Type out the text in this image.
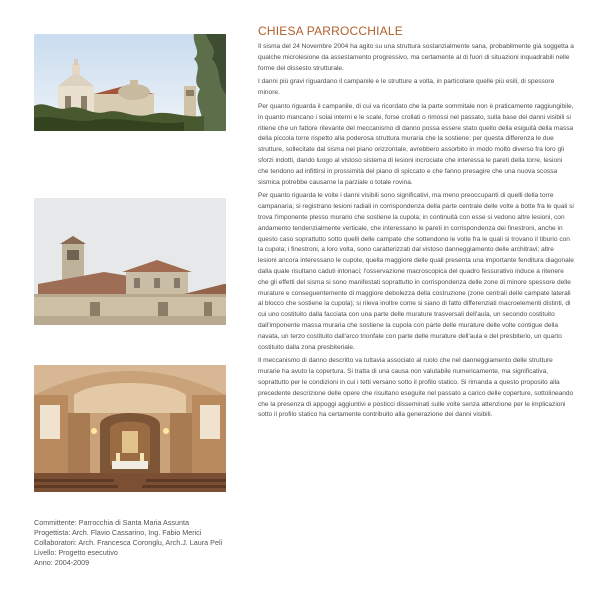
Committente: Parrocchia di Santa Maria Assunta
Progettista: Arch. Flavio Cassarino, Ing. Fabio Merici
Collaboratori: Arch. Francesca Coronglu, Arch.J. Laura Peli
Livello: Progetto esecutivo
Anno: 2004-2009
CHIESA PARROCCHIALE

Il sisma del 24 Novembre 2004 ha agito su una struttura sostanzialmente sana, probabilmente già soggetta a qualche microlesione da assestamento progressivo, ma certamente al di fuori di situazioni inquadrabili nelle forme del dissesto strutturale.

I danni più gravi riguardano il campanile e le strutture a volta, in particolare quelle più esili, di spessore minore.

Per quanto riguarda il campanile, di cui va ricordato che la parte sommitale non è praticamente raggiungibile, in quanto mancano i solai interni e le scale, forse crollati o rimossi nel passato, sulla base dei danni visibili si ritiene che un fattore rilevante del meccanismo di danno possa essere stato quello della esiguità della massa della piccola torre rispetto alla poderosa struttura muraria che la sostiene; per questa differenza le due strutture, sollecitate dal sisma nel piano orizzontale, avrebbero assorbito in modo molto diverso fra loro gli sforzi indotti, dando luogo al vistoso sistema di lesioni incrociate che interessa le pareti della torre, lesioni che tendono ad infittirsi in prossimità del piano di spiccato e che fanno presagire che una nuova scossa sismica potrebbe causarne la parziale o totale rovina.

Per quanto riguarda le volte i danni visibili sono significativi, ma meno preoccupanti di quelli della torre campanaria; si registrano lesioni radiali in corrispondenza della parte centrale delle volte a botte fra le quali si trova l'imponente plesso murario che sostiene la cupola; in continuità con esse si vedono altre lesioni, con andamento tendenzialmente verticale, che interessano le pareti in corrispondenza dei finestroni, anche in questo caso soprattutto sotto quelli delle campate che sottendono le volte fra le quali si trovano il tiburio con la cupola; i finestroni, a loro volta, sono caratterizzati dal vistoso danneggiamento delle architravi; altre lesioni ancora interessano le cupole, quella maggiore delle quali presenta una importante fenditura diagonale dalla quale risultano caduti intonaci; l'osservazione macroscopica del quadro fessurativo induce a ritenere che gli effetti del sisma si sono manifestati soprattutto in corrispondenza delle zone di minore spessore delle murature e conseguentemente di maggiore debolezza della costruzione (zone centrali delle campate laterali al blocco che sostiene la cupola); si rileva inoltre come si siano di fatto differenziati macroelementi distinti, di cui uno costituito dalla facciata con una parte delle murature trasversali dell'aula, un secondo costituito dall'imponente massa muraria che sostiene la cupola con parte delle murature delle volte contigue della navata, un terzo costituito dall'arco trionfale con parte delle murature dell'aula e del presbiterio, un quarto costituito dalla zona presbiteriale.

Il meccanismo di danno descritto va tuttavia associato al ruolo che nel danneggiamento delle strutture murarie ha avuto la copertura. Si tratta di una causa non valutabile numericamente, ma significativa, soprattutto per le condizioni in cui i tetti versano sotto il profilo statico. Si rimanda a questo proposito alla precedente descrizione delle opere che risultano eseguite nel passato a carico delle coperture, sottolineando che la presenza di appoggi aggiuntivi e posticci disseminati sulle volte senza attenzione per le implicazioni sotto il profilo statico ha certamente contribuito alla generazione dei danni visibili.
